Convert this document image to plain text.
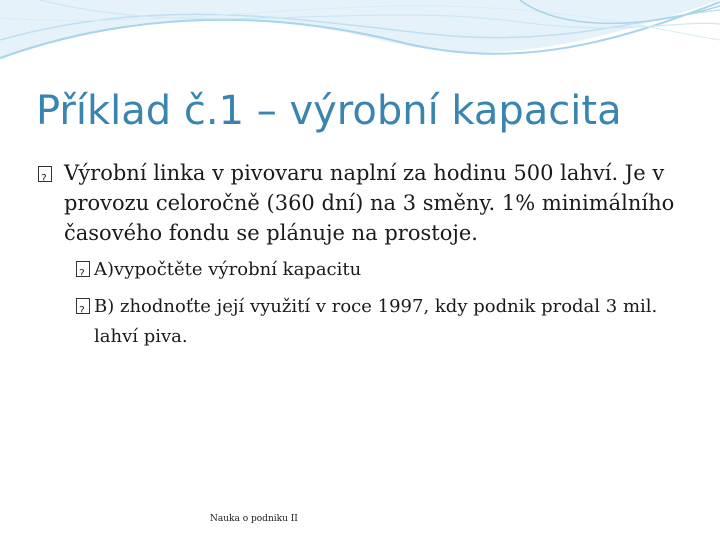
Příklad č.1 – výrobní kapacita
?
Výrobní linka v pivovaru naplní za hodinu 500 lahví. Je v provozu celoročně (360 dní) na 3 směny. 1% minimálního časového fondu se plánuje na prostoje.
?
A)vypočtěte výrobní kapacitu
?
B) zhodnoťte její využití v roce 1997, kdy podnik prodal 3 mil. lahví piva.
Nauka o podniku II
